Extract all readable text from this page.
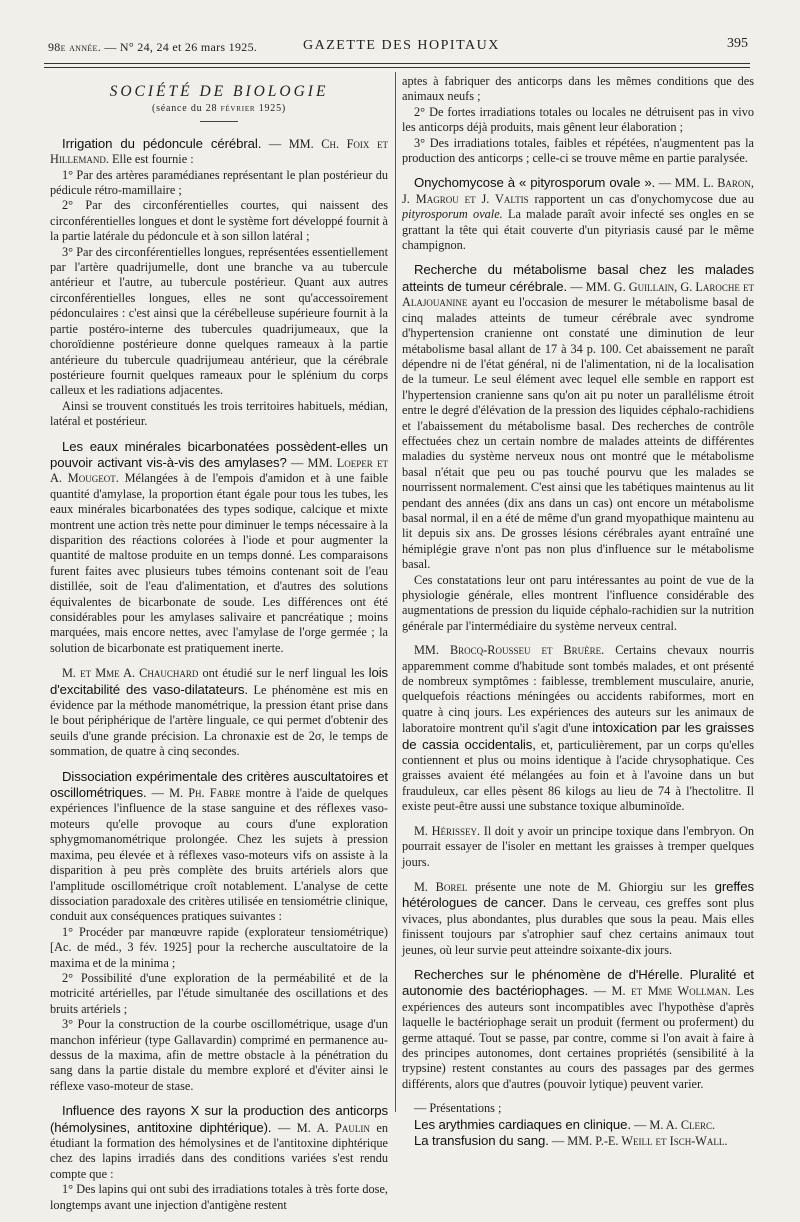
98e année. — N° 24, 24 et 26 mars 1925.	GAZETTE DES HOPITAUX	395
SOCIÉTÉ DE BIOLOGIE
(séance du 28 février 1925)

Irrigation du pédoncule cérébral. — MM. Ch. Foix et Hillemand. Elle est fournie :

1° Par des artères paramédianes représentant le plan postérieur du pédicule rétro-mamillaire ;
2° Par des circonférentielles courtes, qui naissent des circonférentielles longues et dont le système fort développé fournit à la partie latérale du pédoncule et à son sillon latéral ;
3° Par des circonférentielles longues, représentées essentiellement par l'artère quadrijumelle, dont une branche va au tubercule antérieur et l'autre, au tubercule postérieur. Quant aux autres circonférentielles longues, elles ne sont qu'accessoirement pédonculaires : c'est ainsi que la cérébelleuse supérieure fournit à la partie postéro-interne des tubercules quadrijumeaux, que la choroïdienne postérieure donne quelques rameaux à la partie antérieure du tubercule quadrijumeau antérieur, que la cérébrale postérieure fournit quelques rameaux pour le splénium du corps calleux et les radiations adjacentes.
Ainsi se trouvent constitués les trois territoires habituels, médian, latéral et postérieur.

Les eaux minérales bicarbonatées possèdent-elles un pouvoir activant vis-à-vis des amylases? — MM. Loeper et A. Mougeot. Mélangées à de l'empois d'amidon et à une faible quantité d'amylase, la proportion étant égale pour tous les tubes, les eaux minérales bicarbonatées des types sodique, calcique et mixte montrent une action très nette pour diminuer le temps nécessaire à la disparition des réactions colorées à l'iode et pour augmenter la quantité de maltose produite en un temps donné. Les comparaisons furent faites avec plusieurs tubes témoins contenant soit de l'eau distillée, soit de l'eau d'alimentation, et d'autres des solutions équivalentes de bicarbonate de soude. Les différences ont été considérables pour les amylases salivaire et pancréatique ; moins marquées, mais encore nettes, avec l'amylase de l'orge germée ; la solution de bicarbonate est pratiquement inerte.

M. et Mme A. Chauchard ont étudié sur le nerf lingual les lois d'excitabilité des vaso-dilatateurs. Le phénomène est mis en évidence par la méthode manométrique, la pression étant prise dans le bout périphérique de l'artère linguale, ce qui permet d'obtenir des seuils d'une grande précision. La chronaxie est de 2σ, le temps de sommation, de quatre à cinq secondes.

Dissociation expérimentale des critères auscultatoires et oscillométriques. — M. Ph. Fabre montre à l'aide de quelques expériences l'influence de la stase sanguine et des réflexes vaso-moteurs qu'elle provoque au cours d'une exploration sphygmomanométrique prolongée. Chez les sujets à pression maxima, peu élevée et à réflexes vaso-moteurs vifs on assiste à la disparition à peu près complète des bruits artériels alors que l'amplitude oscillométrique croît notablement. L'analyse de cette dissociation paradoxale des critères utilisée en tensiométrie clinique, conduit aux conséquences pratiques suivantes :

1° Procéder par manœuvre rapide (explorateur tensiométrique) [Ac. de méd., 3 fév. 1925] pour la recherche auscultatoire de la maxima et de la minima ;
2° Possibilité d'une exploration de la perméabilité et de la motricité artérielles, par l'étude simultanée des oscillations et des bruits artériels ;
3° Pour la construction de la courbe oscillométrique, usage d'un manchon inférieur (type Gallavardin) comprimé en permanence au-dessus de la maxima, afin de mettre obstacle à la pénétration du sang dans la partie distale du membre exploré et d'éviter ainsi le réflexe vaso-moteur de stase.

Influence des rayons X sur la production des anticorps (hémolysines, antitoxine diphtérique). — M. A. Paulin en étudiant la formation des hémolysines et de l'antitoxine diphtérique chez des lapins irradiés dans des conditions variées s'est rendu compte que :

1° Des lapins qui ont subi des irradiations totales à très forte dose, longtemps avant une injection d'antigène restent
aptes à fabriquer des anticorps dans les mêmes conditions que des animaux neufs ;
2° De fortes irradiations totales ou locales ne détruisent pas in vivo les anticorps déjà produits, mais gênent leur élaboration ;
3° Des irradiations totales, faibles et répétées, n'augmentent pas la production des anticorps ; celle-ci se trouve même en partie paralysée.

Onychomycose à « pityrosporum ovale ». — MM. L. Baron, J. Magrou et J. Valtis rapportent un cas d'onychomycose due au pityrosporum ovale. La malade paraît avoir infecté ses ongles en se grattant la tête qui était couverte d'un pityriasis causé par le même champignon.

Recherche du métabolisme basal chez les malades atteints de tumeur cérébrale. — MM. G. Guillain, G. Laroche et Alajouanine ayant eu l'occasion de mesurer le métabolisme basal de cinq malades atteints de tumeur cérébrale avec syndrome d'hypertension cranienne ont constaté une diminution de leur métabolisme basal allant de 17 à 34 p. 100. Cet abaissement ne paraît dépendre ni de l'état général, ni de l'alimentation, ni de la localisation de la tumeur. Le seul élément avec lequel elle semble en rapport est l'hypertension cranienne sans qu'on ait pu noter un parallélisme étroit entre le degré d'élévation de la pression des liquides céphalo-rachidiens et l'abaissement du métabolisme basal. Des recherches de contrôle effectuées chez un certain nombre de malades atteints de différentes maladies du système nerveux nous ont montré que le métabolisme basal n'était que peu ou pas touché pourvu que les malades se nourrissent normalement. C'est ainsi que les tabétiques maintenus au lit pendant des années (dix ans dans un cas) ont encore un métabolisme basal normal, il en a été de même d'un grand myopathique maintenu au lit depuis six ans. De grosses lésions cérébrales ayant entraîné une hémiplégie grave n'ont pas non plus d'influence sur le métabolisme basal.

Ces constatations leur ont paru intéressantes au point de vue de la physiologie générale, elles montrent l'influence considérable des augmentations de pression du liquide céphalo-rachidien sur la nutrition générale par l'intermédiaire du système nerveux central.

MM. Brocq-Rousseu et Bruère. Certains chevaux nourris apparemment comme d'habitude sont tombés malades, et ont présenté de nombreux symptômes : faiblesse, tremblement musculaire, anurie, quelquefois réactions méningées ou accidents rabiformes, mort en quatre à cinq jours. Les expériences des auteurs sur les animaux de laboratoire montrent qu'il s'agit d'une intoxication par les graisses de cassia occidentalis, et, particulièrement, par un corps qu'elles contiennent et plus ou moins identique à l'acide chrysophatique. Ces graisses avaient été mélangées au foin et à l'avoine dans un but frauduleux, car elles pèsent 86 kilogs au lieu de 74 à l'hectolitre. Il existe peut-être aussi une substance toxique albuminoïde.

M. Hérissey. Il doit y avoir un principe toxique dans l'embryon. On pourrait essayer de l'isoler en mettant les graisses à tremper quelques jours.

M. Borel présente une note de M. Ghiorgiu sur les greffes hétérologues de cancer. Dans le cerveau, ces greffes sont plus vivaces, plus abondantes, plus durables que sous la peau. Mais elles finissent toujours par s'atrophier sauf chez certains animaux tout jeunes, où leur survie peut atteindre soixante-dix jours.

Recherches sur le phénomène de d'Hérelle. Pluralité et autonomie des bactériophages. — M. et Mme Wollman. Les expériences des auteurs sont incompatibles avec l'hypothèse d'après laquelle le bactériophage serait un produit (ferment ou proferment) du germe attaqué. Tout se passe, par contre, comme si l'on avait à faire à des principes autonomes, dont certaines propriétés (sensibilité à la trypsine) restent constantes au cours des passages par des germes différents, alors que d'autres (pouvoir lytique) peuvent varier.

— Présentations ;

Les arythmies cardiaques en clinique. — M. A. Clerc.

La transfusion du sang. — MM. P.-E. Weill et Isch-Wall.
